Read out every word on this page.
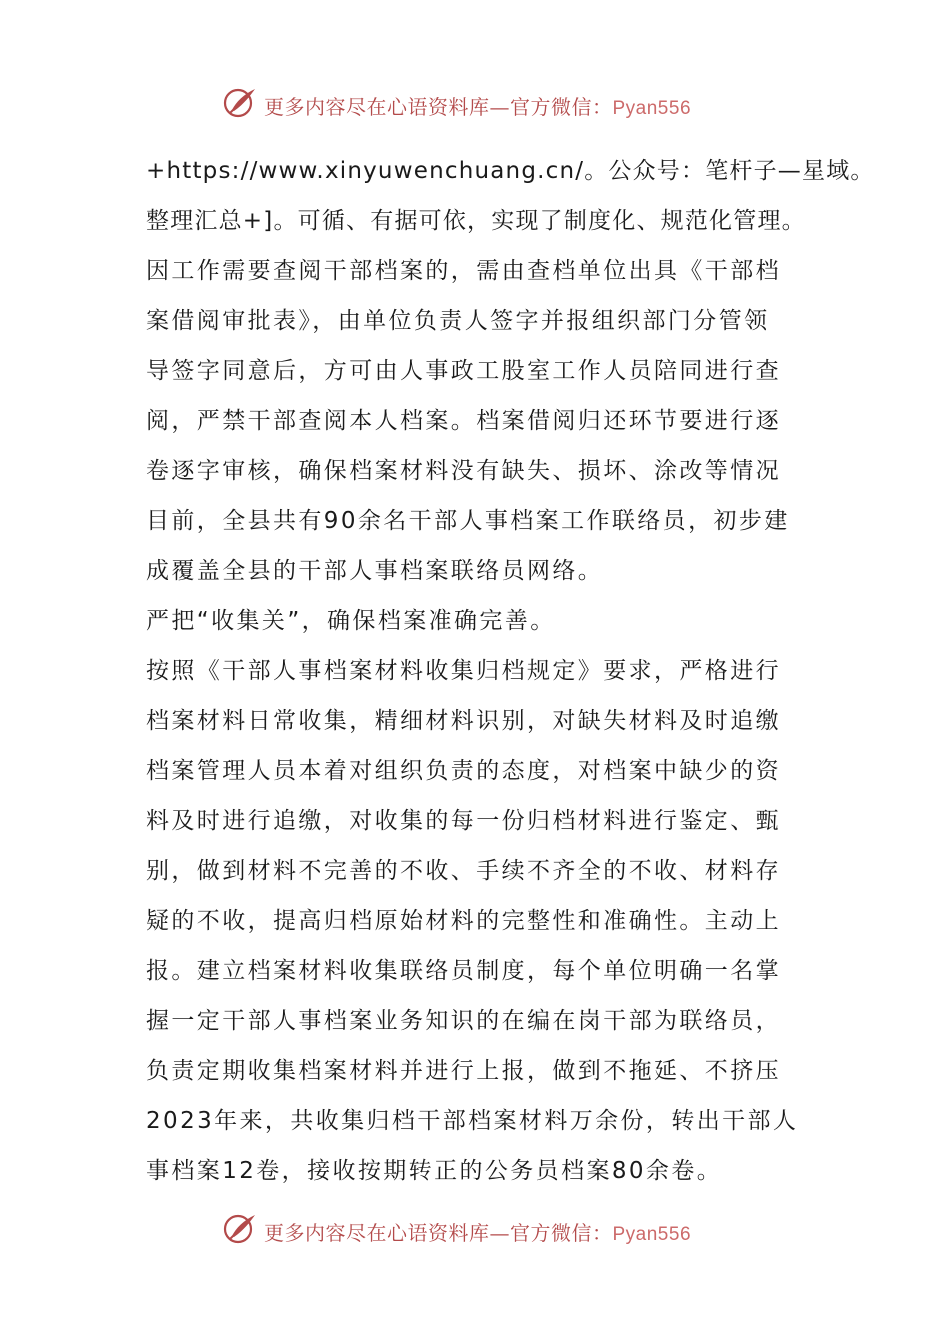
更多内容尽在心语资料库—官方微信：Pyan556
+https://www.xinyuwenchuang.cn/。公众号：笔杆子—星域。
整理汇总+]。可循、有据可依，实现了制度化、规范化管理。
因工作需要查阅干部档案的，需由查档单位出具《干部档
案借阅审批表》，由单位负责人签字并报组织部门分管领
导签字同意后，方可由人事政工股室工作人员陪同进行查
阅，严禁干部查阅本人档案。档案借阅归还环节要进行逐
卷逐字审核，确保档案材料没有缺失、损坏、涂改等情况
目前，全县共有90余名干部人事档案工作联络员，初步建
成覆盖全县的干部人事档案联络员网络。
严把“收集关”，确保档案准确完善。
按照《干部人事档案材料收集归档规定》要求，严格进行
档案材料日常收集，精细材料识别，对缺失材料及时追缴
档案管理人员本着对组织负责的态度，对档案中缺少的资
料及时进行追缴，对收集的每一份归档材料进行鉴定、甄
别，做到材料不完善的不收、手续不齐全的不收、材料存
疑的不收，提高归档原始材料的完整性和准确性。主动上
报。建立档案材料收集联络员制度，每个单位明确一名掌
握一定干部人事档案业务知识的在编在岗干部为联络员，
负责定期收集档案材料并进行上报，做到不拖延、不挤压
2023年来，共收集归档干部档案材料万余份，转出干部人
事档案12卷，接收按期转正的公务员档案80余卷。
更多内容尽在心语资料库—官方微信：Pyan556
